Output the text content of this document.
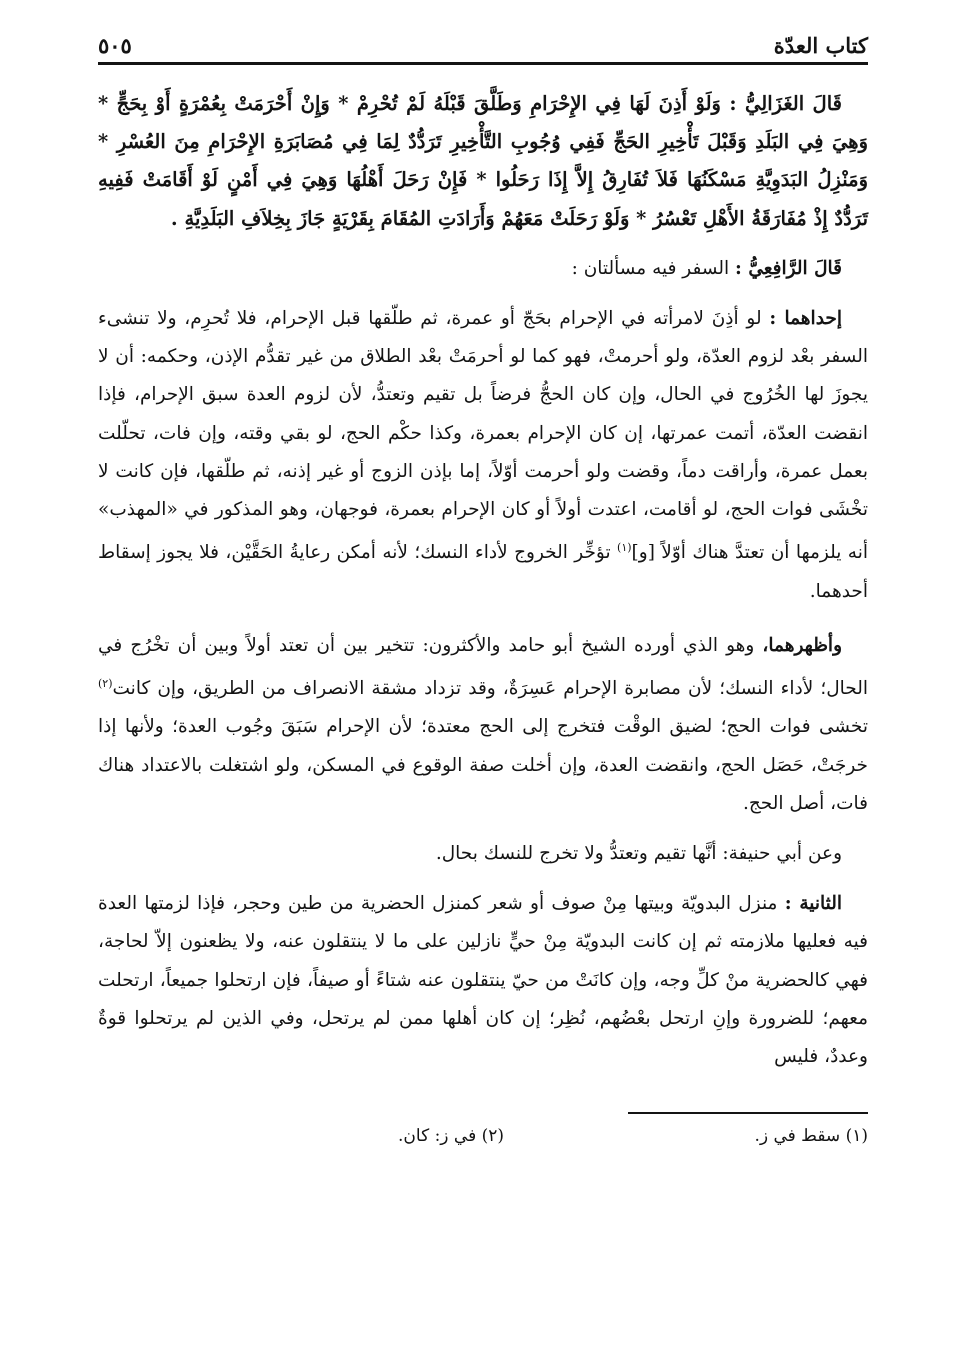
كتاب العدّة
٥٠٥

قَالَ الغَزَالِيُّ : وَلَوْ أَذِنَ لَهَا فِي الإِحْرَامِ وَطَلَّقَ قَبْلَهُ لَمْ تُحْرِمْ * وَإِنْ أَحْرَمَتْ بِعُمْرَةٍ أَوْ بِحَجٍّ * وَهِيَ فِي البَلَدِ وَقَبْلَ تَأْخِيرِ الحَجِّ فَفِي وُجُوبِ التَّأْخِيرِ تَرَدُّدٌ لِمَا فِي مُصَابَرَةِ الإِحْرَامِ مِنَ العُسْرِ * وَمَنْزِلُ البَدَوِيَّةِ مَسْكَنُهَا فَلاَ تُفَارِقُ إِلاَّ إِذَا رَحَلُوا * فَإِنْ رَحَلَ أَهْلُهَا وَهِيَ فِي أَمْنٍ لَوْ أَقَامَتْ فَفِيهِ تَرَدُّدٌ إِذْ مُفَارَقَةُ الأَهْلِ تَعْسُرُ * وَلَوْ رَحَلَتْ مَعَهُمْ وَأَرَادَتِ المُقَامَ بِقَرْيَةٍ جَازَ بِخِلاَفِ البَلَدِيَّةِ .

قَالَ الرَّافِعِيُّ : السفر فيه مسألتان :

إحداهما : لو أذِنَ لامرأته في الإحرام بحَجّ أو عمرة، ثم طلّقها قبل الإحرام، فلا تُحرِم، ولا تنشىء السفر بعْد لزوم العدّة، ولو أحرمتْ، فهو كما لو أحرمَتْ بعْد الطلاق من غير تقدُّم الإذن، وحكمه: أن لا يجوزَ لها الخُرُوج في الحال، وإن كان الحجُّ فرضاً بل تقيم وتعتدُّ، لأن لزوم العدة سبق الإحرام، فإذا انقضت العدّة، أتمت عمرتها، إن كان الإحرام بعمرة، وكذا حكْم الحج، لو بقي وقته، وإن فات، تحلّلت بعمل عمرة، وأراقت دماً، وقضت ولو أحرمت أوّلاً، إما بإذن الزوج أو غير إذنه، ثم طلّقها، فإن كانت لا تخْشَى فوات الحج، لو أقامت، اعتدت أولاً أو كان الإحرام بعمرة، فوجهان، وهو المذكور في «المهذب» أنه يلزمها أن تعتدَّ هناك أوّلاً [و]$^{(١)}$ تؤخِّر الخروج لأداء النسك؛ لأنه أمكن رعايةُ الحَقَّيْن، فلا يجوز إسقاط أحدهما.

وأظهرهما، وهو الذي أورده الشيخ أبو حامد والأكثرون: تتخير بين أن تعتد أولاً وبين أن تخْرُج في الحال؛ لأداء النسك؛ لأن مصابرة الإحرام عَسِرَةٌ، وقد تزداد مشقة الانصراف من الطريق، وإن كانت$^{(٢)}$ تخشى فوات الحج؛ لضيق الوقْت فتخرج إلى الحج معتدة؛ لأن الإحرام سَبَقَ وجُوب العدة؛ ولأنها إذا خرجَتْ، حَصَل الحج، وانقضت العدة، وإن أخلت صفة الوقوع في المسكن، ولو اشتغلت بالاعتداد هناك فات، أصل الحج.

وعن أبي حنيفة: أنَّها تقيم وتعتدُّ ولا تخرج للنسك بحال.

الثانية : منزل البدويّة وبيتها مِنْ صوف أو شعر كمنزل الحضرية من طين وحجر، فإذا لزمتها العدة فيه فعليها ملازمته ثم إن كانت البدويّة مِنْ حيٍّ نازلين على ما لا ينتقلون عنه، ولا يظعنون إلاّ لحاجة، فهي كالحضرية منْ كلِّ وجه، وإن كانَتْ من حيّ ينتقلون عنه شتاءً أو صيفاً، فإن ارتحلوا جميعاً، ارتحلت معهم؛ للضرورة وإنِ ارتحل بعْضُهم، نُظِر؛ إن كان أهلها ممن لم يرتحل، وفي الذين لم يرتحلوا قوةٌ وعددٌ، فليس

(١) سقط في ز.
(٢) في ز: كان.
